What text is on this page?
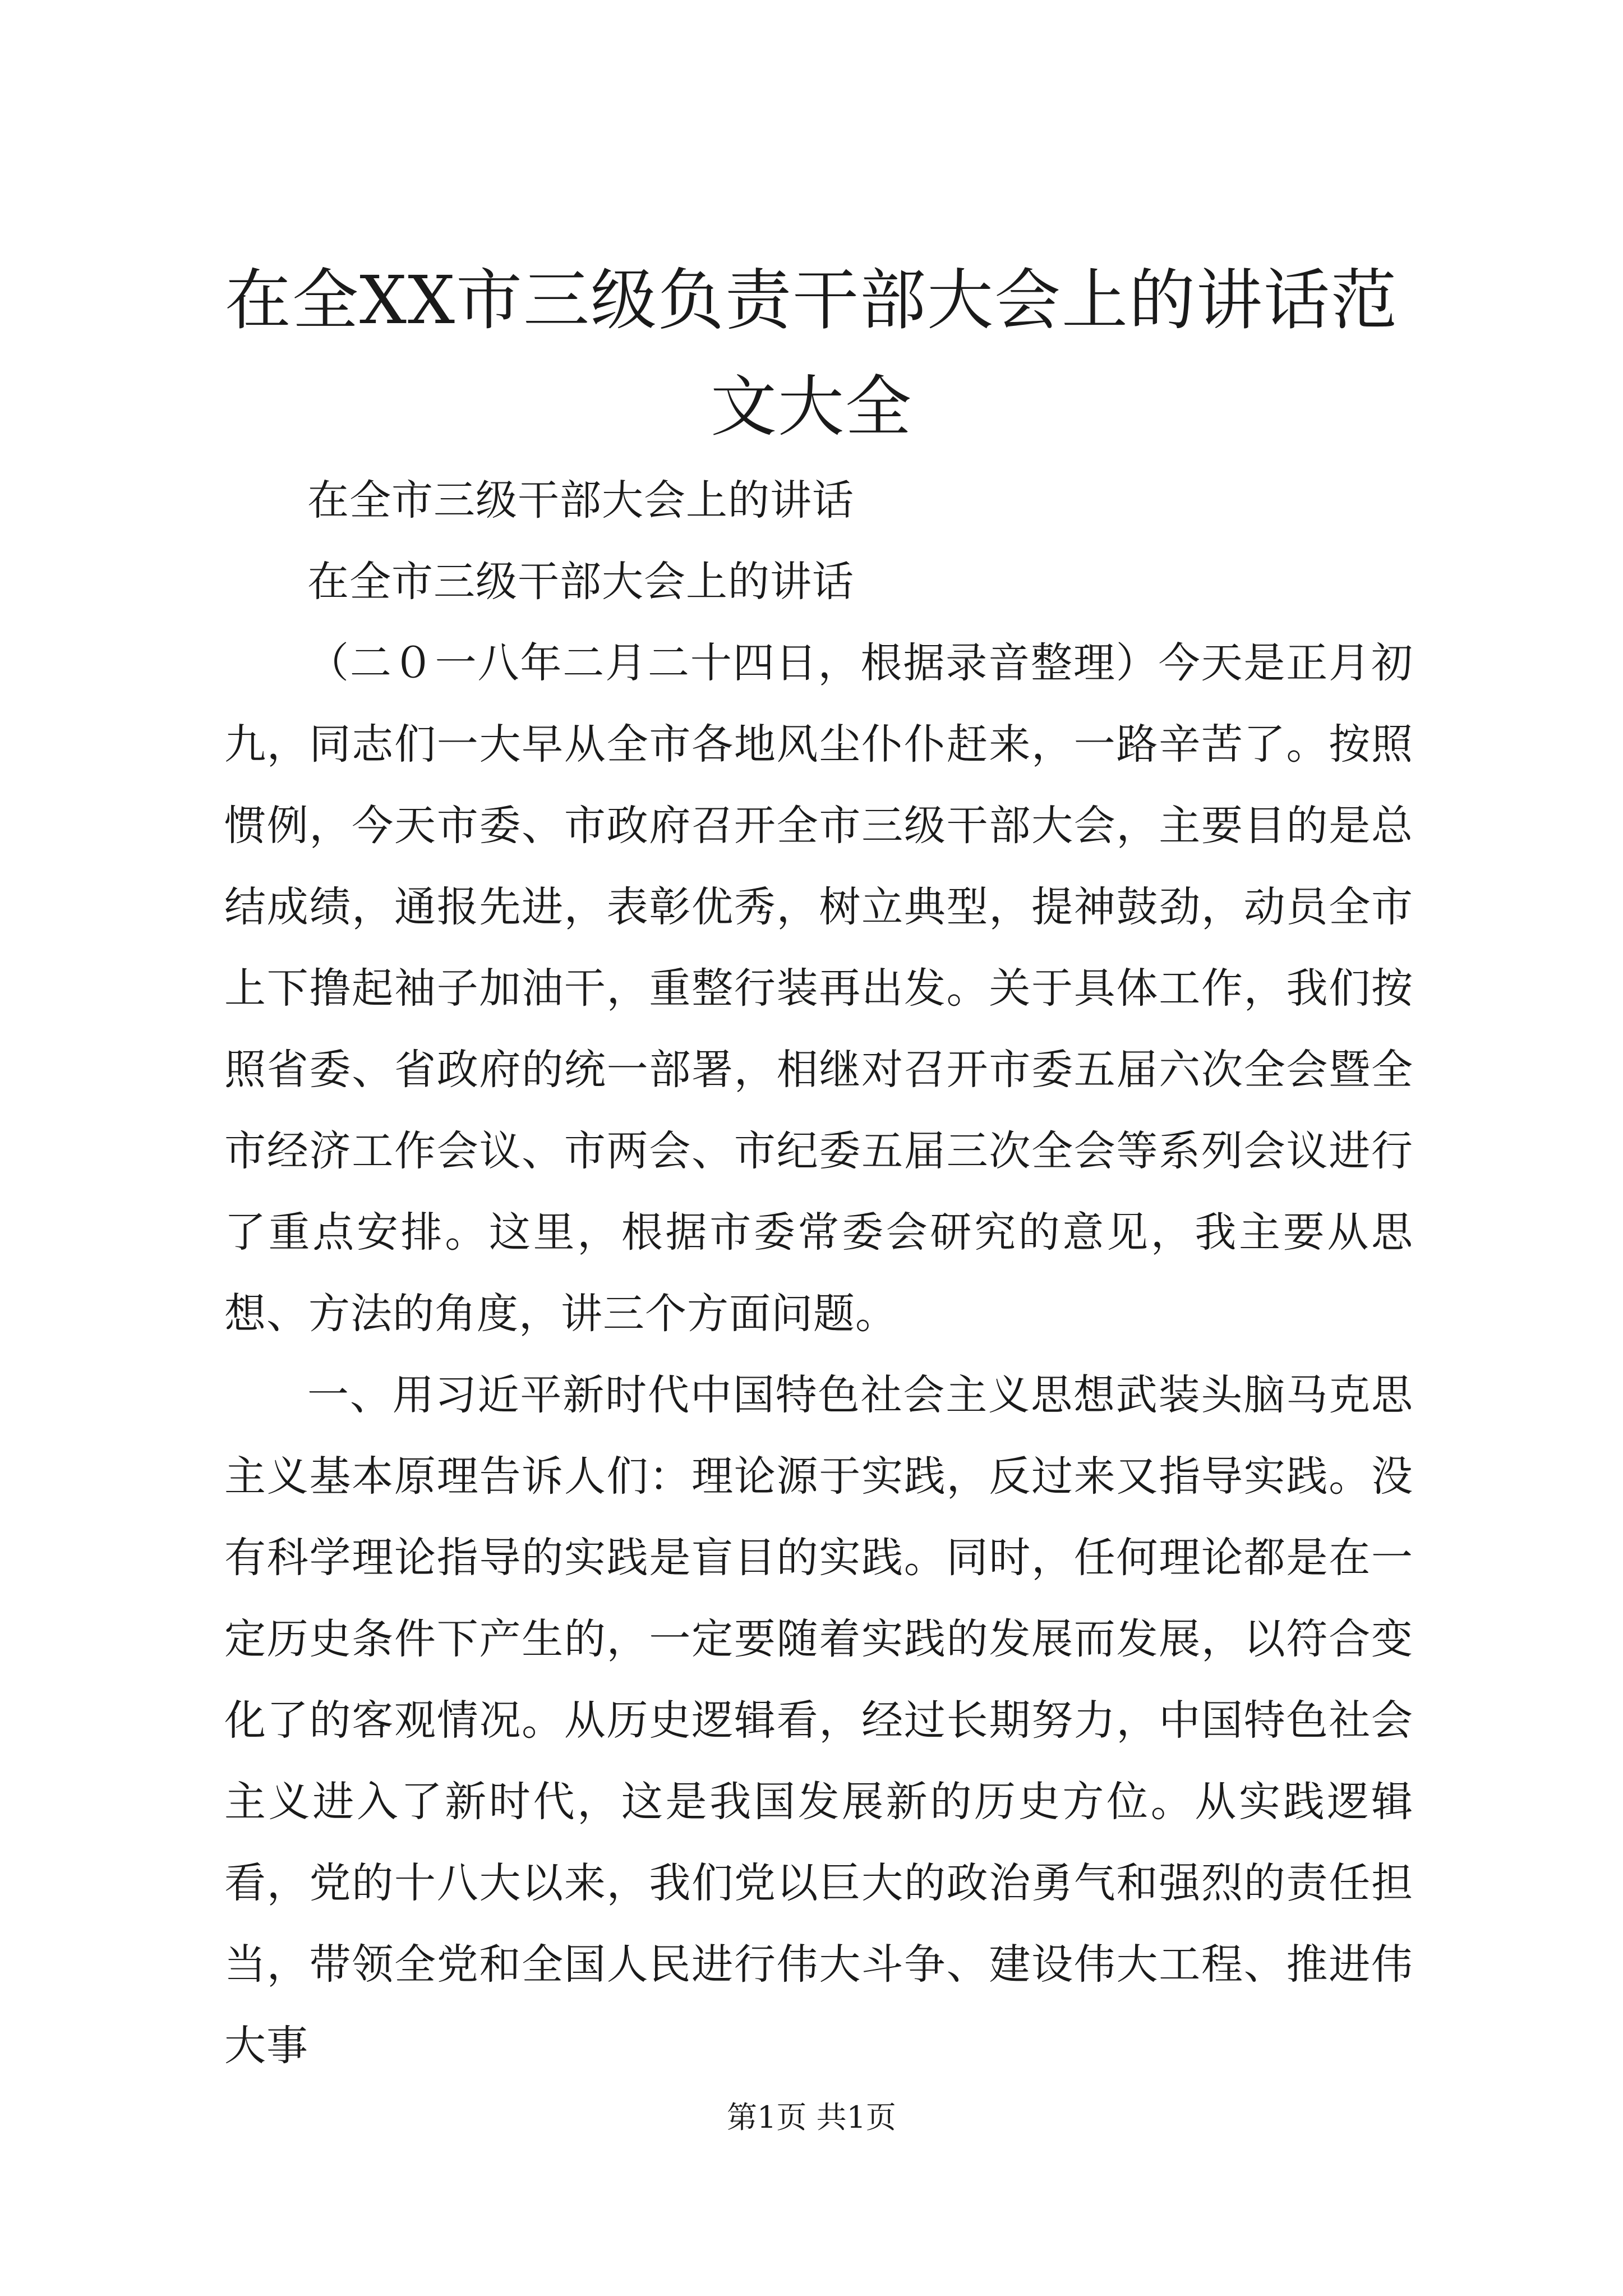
在全XX市三级负责干部大会上的讲话范文大全

在全市三级干部大会上的讲话

在全市三级干部大会上的讲话

（二０一八年二月二十四日，根据录音整理）今天是正月初九，同志们一大早从全市各地风尘仆仆赶来，一路辛苦了。按照惯例，今天市委、市政府召开全市三级干部大会，主要目的是总结成绩，通报先进，表彰优秀，树立典型，提神鼓劲，动员全市上下撸起袖子加油干，重整行装再出发。关于具体工作，我们按照省委、省政府的统一部署，相继对召开市委五届六次全会暨全市经济工作会议、市两会、市纪委五届三次全会等系列会议进行了重点安排。这里，根据市委常委会研究的意见，我主要从思想、方法的角度，讲三个方面问题。

一、用习近平新时代中国特色社会主义思想武装头脑马克思主义基本原理告诉人们：理论源于实践，反过来又指导实践。没有科学理论指导的实践是盲目的实践。同时，任何理论都是在一定历史条件下产生的，一定要随着实践的发展而发展，以符合变化了的客观情况。从历史逻辑看，经过长期努力，中国特色社会主义进入了新时代，这是我国发展新的历史方位。从实践逻辑看，党的十八大以来，我们党以巨大的政治勇气和强烈的责任担当，带领全党和全国人民进行伟大斗争、建设伟大工程、推进伟大事

第1页 共1页
